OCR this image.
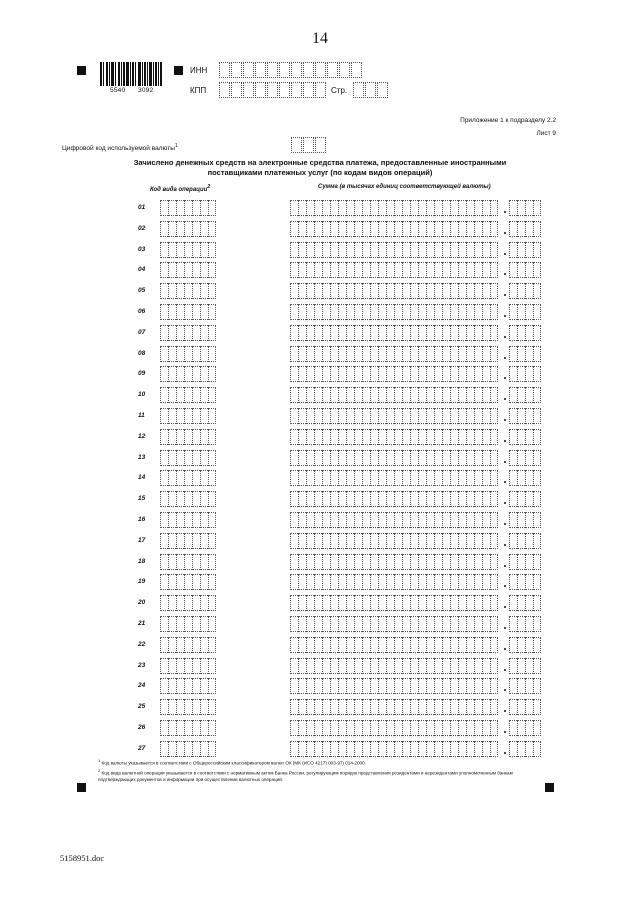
14
5540 3092
ИНН
КПП	Стр.
Приложение 1 к подразделу 2.2
Лист 9
Цифровой код используемой валюты$^1$
Зачислено денежных средств на электронные средства платежа, предоставленные иностранными
поставщиками платежных услуг (по кодам видов операций)
Код вида операции$^2$	Сумма (в тысячах единиц соответствующей валюты)
01
02
03
04
05
06
07
08
09
10
11
12
13
14
15
16
17
18
19
20
21
22
23
24
25
26
27
$^1$ Код валюты указывается в соответствии с Общероссийским классификатором валют ОК (МК (ИСО 4217) 003-97) 014-2000.
$^2$ Код вида валютной операции указывается в соответствии с нормативным актом Банка России, регулирующим порядок представления резидентами и нерезидентами уполномоченным банкам подтверждающих документов и информации при осуществлении валютных операций.
5158951.doc
